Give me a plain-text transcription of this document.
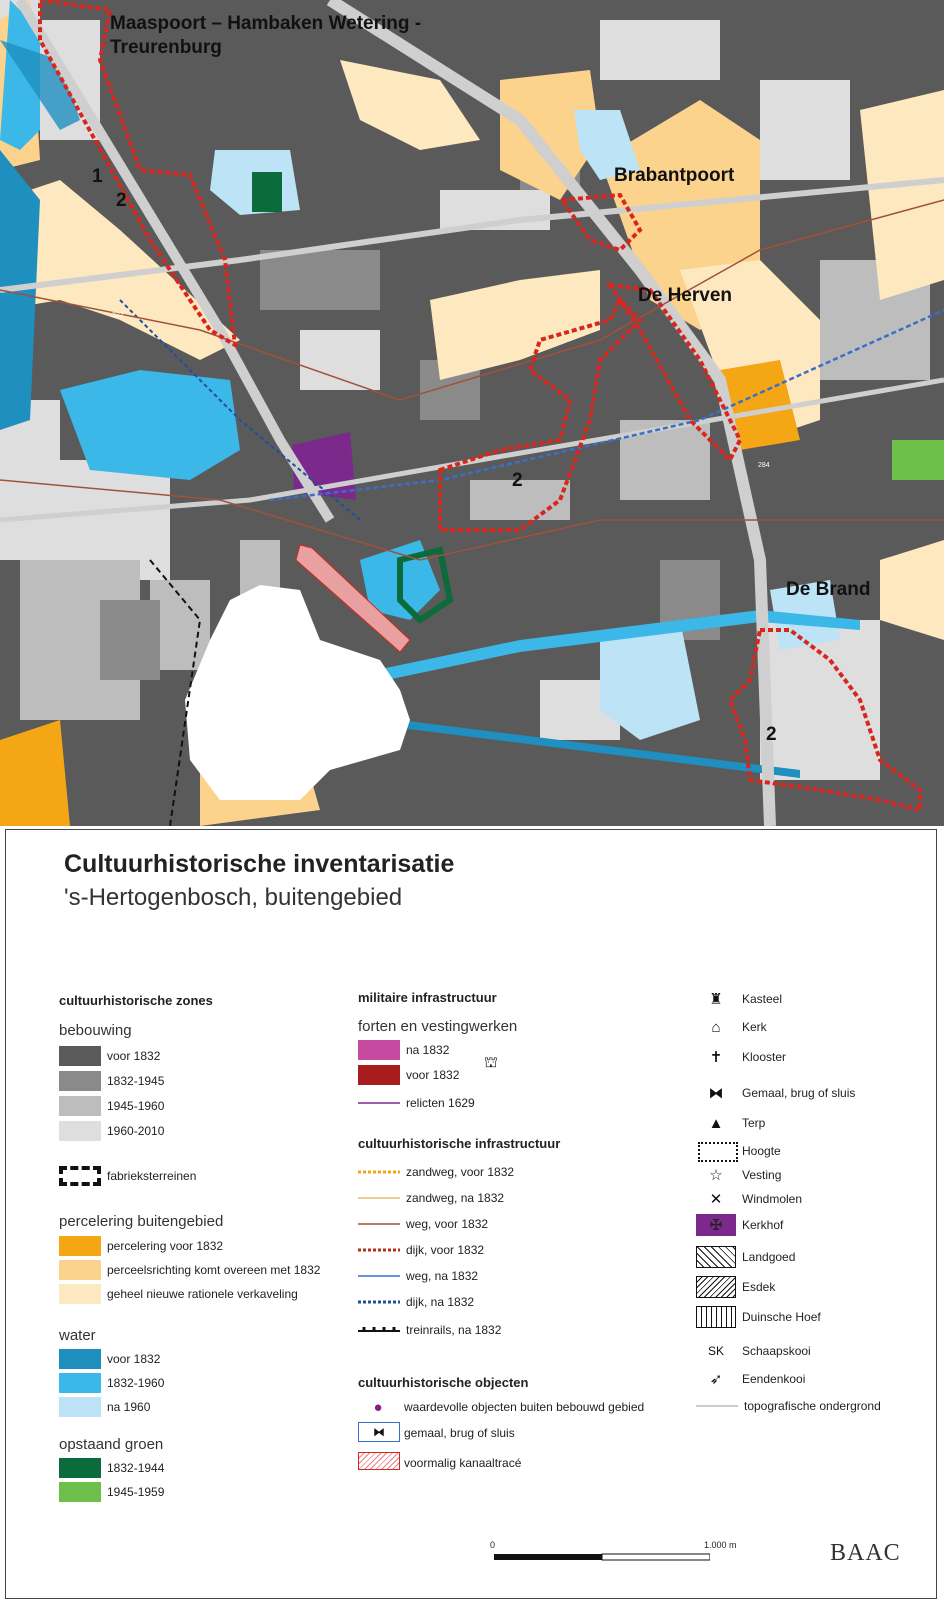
Maaspoort – Hambaken Wetering -
Treurenburg
Brabantpoort
De Herven
De Brand
1
2
2
2
222
284
Cultuurhistorische inventarisatie
's-Hertogenbosch, buitengebied
cultuurhistorische zones
bebouwing
voor 1832
1832-1945
1945-1960
1960-2010
fabrieksterreinen
percelering buitengebied
percelering voor 1832
perceelsrichting komt overeen met 1832
geheel nieuwe rationele verkaveling
water
voor 1832
1832-1960
na 1960
opstaand groen
1832-1944
1945-1959
militaire infrastructuur
forten en vestingwerken
na 1832
voor 1832
⛫
relicten 1629
cultuurhistorische infrastructuur
zandweg, voor 1832
zandweg, na 1832
weg, voor 1832
dijk, voor 1832
weg, na 1832
dijk, na 1832
treinrails, na 1832
cultuurhistorische objecten
●	waardevolle objecten buiten bebouwd gebied
⧓	gemaal, brug of sluis
voormalig kanaaltracé
♜	Kasteel
⌂	Kerk
✝	Klooster
⧓	Gemaal, brug of sluis
▲	Terp
Hoogte
☆	Vesting
✕	Windmolen
✠	Kerkhof
Landgoed
Esdek
Duinsche Hoef
SK	Schaapskooi
➶	Eendenkooi
topografische ondergrond
0	1.000 m	BAAC
